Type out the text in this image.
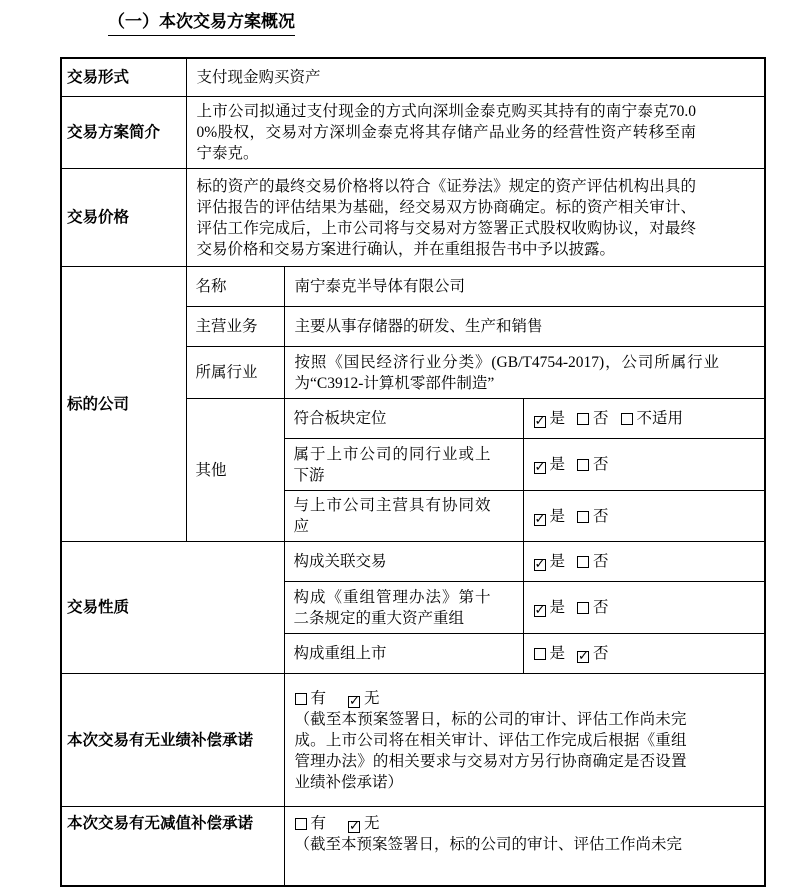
（一）本次交易方案概况
交易形式	支付现金购买资产		
交易方案简介	上市公司拟通过支付现金的方式向深圳金泰克购买其持有的南宁泰克70.00%股权，交易对方深圳金泰克将其存储产品业务的经营性资产转移至南宁泰克。		
交易价格	标的资产的最终交易价格将以符合《证券法》规定的资产评估机构出具的评估报告的评估结果为基础，经交易双方协商确定。标的资产相关审计、评估工作完成后，上市公司将与交易对方签署正式股权收购协议，对最终交易价格和交易方案进行确认，并在重组报告书中予以披露。		
标的公司	名称	南宁泰克半导体有限公司	
	主营业务	主要从事存储器的研发、生产和销售	
	所属行业	按照《国民经济行业分类》(GB/T4754-2017)，公司所属行业为“C3912-计算机零部件制造”	
	其他	符合板块定位	✓ 是 否 不适用
		属于上市公司的同行业或上下游	✓ 是 否
		与上市公司主营具有协同效应	✓ 是 否
交易性质		构成关联交易	✓ 是 否
		构成《重组管理办法》第十二条规定的重大资产重组	✓ 是 否
		构成重组上市	是 ✓ 否
本次交易有无业绩补偿承诺		有 ✓ 无
（截至本预案签署日，标的公司的审计、评估工作尚未完成。上市公司将在相关审计、评估工作完成后根据《重组管理办法》的相关要求与交易对方另行协商确定是否设置业绩补偿承诺）	

本次交易有无减值补偿承诺		有 ✓ 无
（截至本预案签署日，标的公司的审计、评估工作尚未完	
